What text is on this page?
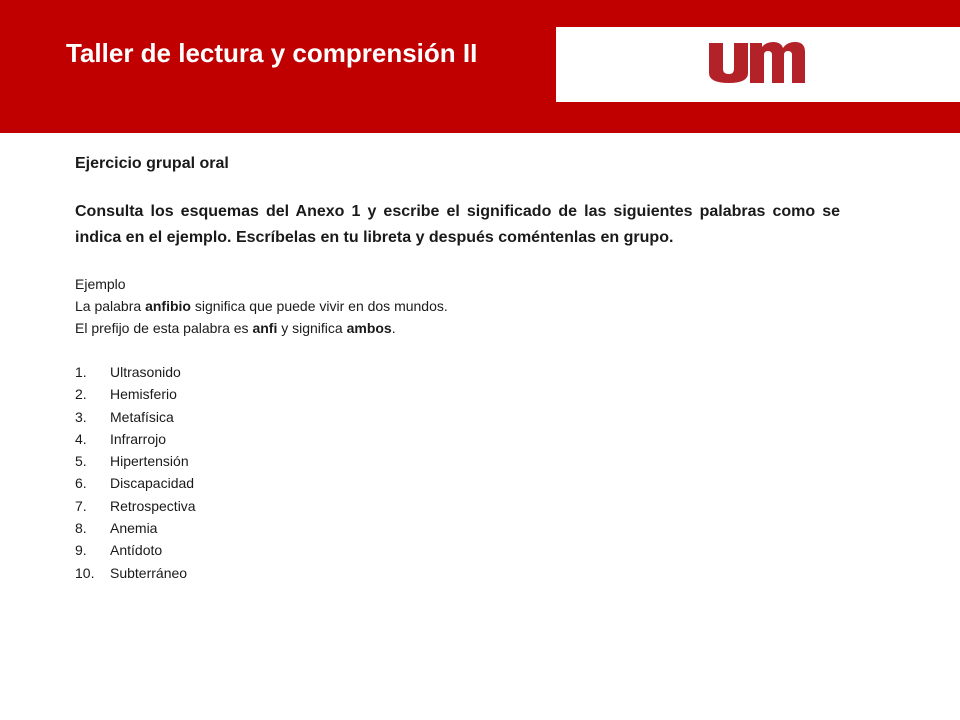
Taller de lectura y comprensión II

Ejercicio grupal oral

Consulta los esquemas del Anexo 1 y escribe el significado de las siguientes palabras como se indica en el ejemplo. Escríbelas en tu libreta y después coméntenlas en grupo.

Ejemplo

La palabra anfibio significa que puede vivir en dos mundos.

El prefijo de esta palabra es anfi y significa ambos.

1.	Ultrasonido
2.	Hemisferio
3.	Metafísica
4.	Infrarrojo
5.	Hipertensión
6.	Discapacidad
7.	Retrospectiva
8.	Anemia
9.	Antídoto
10.	Subterráneo
